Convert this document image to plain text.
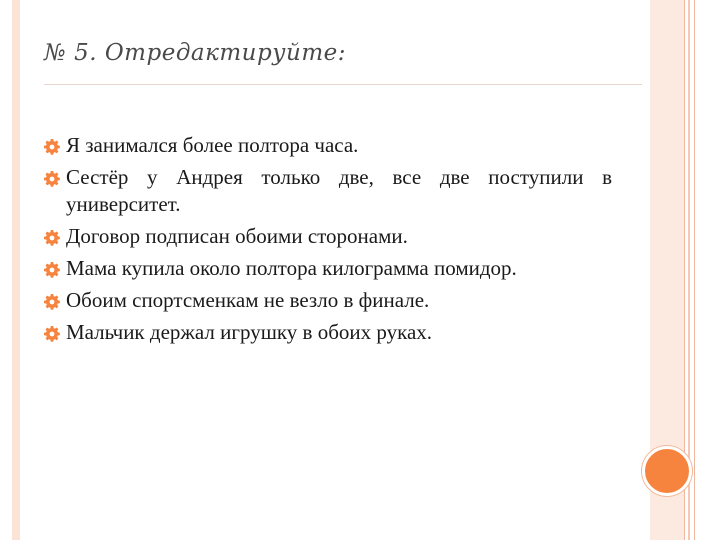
№ 5. Отредактируйте:
Я занимался более полтора часа.
Сестёр у Андрея только две, все две поступили в университет.
Договор подписан обоими сторонами.
Мама купила около полтора килограмма помидор.
Обоим спортсменкам не везло в финале.
Мальчик держал игрушку в обоих руках.
